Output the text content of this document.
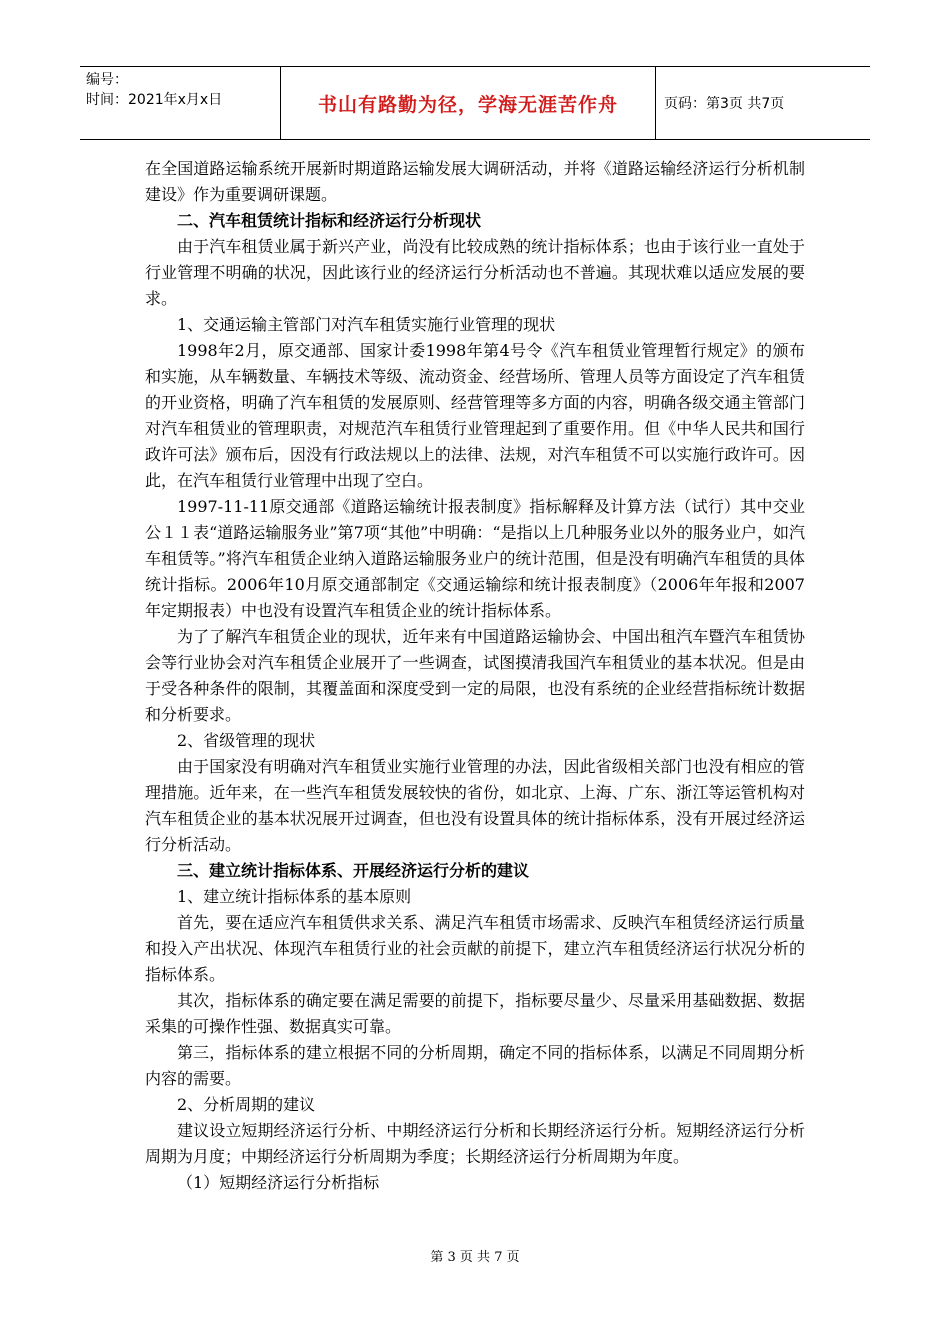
编号：
时间：2021年x月x日	书山有路勤为径，学海无涯苦作舟	页码：第3页 共7页

在全国道路运输系统开展新时期道路运输发展大调研活动，并将《道路运输经济运行分析机制建设》作为重要调研课题。

二、汽车租赁统计指标和经济运行分析现状

由于汽车租赁业属于新兴产业，尚没有比较成熟的统计指标体系；也由于该行业一直处于行业管理不明确的状况，因此该行业的经济运行分析活动也不普遍。其现状难以适应发展的要求。

1、交通运输主管部门对汽车租赁实施行业管理的现状

1998年2月，原交通部、国家计委1998年第4号令《汽车租赁业管理暂行规定》的颁布和实施，从车辆数量、车辆技术等级、流动资金、经营场所、管理人员等方面设定了汽车租赁的开业资格，明确了汽车租赁的发展原则、经营管理等多方面的内容，明确各级交通主管部门对汽车租赁业的管理职责，对规范汽车租赁行业管理起到了重要作用。但《中华人民共和国行政许可法》颁布后，因没有行政法规以上的法律、法规，对汽车租赁不可以实施行政许可。因此，在汽车租赁行业管理中出现了空白。

1997-11-11原交通部《道路运输统计报表制度》指标解释及计算方法（试行）其中交业公１１表“道路运输服务业”第7项“其他”中明确：“是指以上几种服务业以外的服务业户，如汽车租赁等。”将汽车租赁企业纳入道路运输服务业户的统计范围，但是没有明确汽车租赁的具体统计指标。2006年10月原交通部制定《交通运输综和统计报表制度》（2006年年报和2007年定期报表）中也没有设置汽车租赁企业的统计指标体系。

为了了解汽车租赁企业的现状，近年来有中国道路运输协会、中国出租汽车暨汽车租赁协会等行业协会对汽车租赁企业展开了一些调查，试图摸清我国汽车租赁业的基本状况。但是由于受各种条件的限制，其覆盖面和深度受到一定的局限，也没有系统的企业经营指标统计数据和分析要求。

2、省级管理的现状

由于国家没有明确对汽车租赁业实施行业管理的办法，因此省级相关部门也没有相应的管理措施。近年来，在一些汽车租赁发展较快的省份，如北京、上海、广东、浙江等运管机构对汽车租赁企业的基本状况展开过调查，但也没有设置具体的统计指标体系，没有开展过经济运行分析活动。

三、建立统计指标体系、开展经济运行分析的建议

1、建立统计指标体系的基本原则

首先，要在适应汽车租赁供求关系、满足汽车租赁市场需求、反映汽车租赁经济运行质量和投入产出状况、体现汽车租赁行业的社会贡献的前提下，建立汽车租赁经济运行状况分析的指标体系。

其次，指标体系的确定要在满足需要的前提下，指标要尽量少、尽量采用基础数据、数据采集的可操作性强、数据真实可靠。

第三，指标体系的建立根据不同的分析周期，确定不同的指标体系，以满足不同周期分析内容的需要。

2、分析周期的建议

建议设立短期经济运行分析、中期经济运行分析和长期经济运行分析。短期经济运行分析周期为月度；中期经济运行分析周期为季度；长期经济运行分析周期为年度。

（1）短期经济运行分析指标

第 3 页 共 7 页
